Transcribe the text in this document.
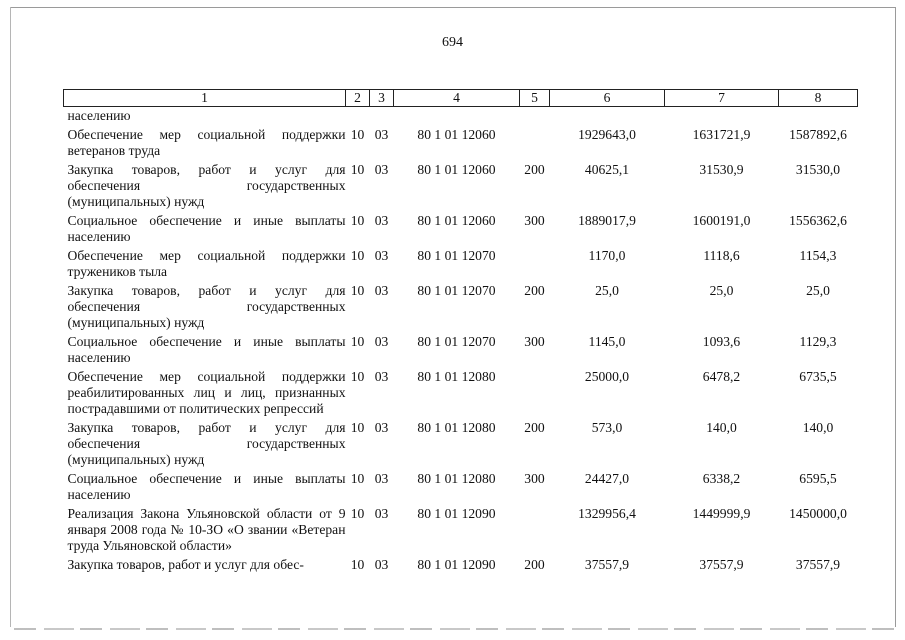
694
1	2	3	4	5	6	7	8
населению							
Обеспечение мер социальной поддержки ветеранов труда	10	03	80 1 01 12060		1929643,0	1631721,9	1587892,6
Закупка товаров, работ и услуг для обеспечения государственных (муниципальных) нужд	10	03	80 1 01 12060	200	40625,1	31530,9	31530,0
Социальное обеспечение и иные выплаты населению	10	03	80 1 01 12060	300	1889017,9	1600191,0	1556362,6
Обеспечение мер социальной поддержки тружеников тыла	10	03	80 1 01 12070		1170,0	1118,6	1154,3
Закупка товаров, работ и услуг для обеспечения государственных (муниципальных) нужд	10	03	80 1 01 12070	200	25,0	25,0	25,0
Социальное обеспечение и иные выплаты населению	10	03	80 1 01 12070	300	1145,0	1093,6	1129,3
Обеспечение мер социальной поддержки реабилитированных лиц и лиц, признанных пострадавшими от политических репрессий	10	03	80 1 01 12080		25000,0	6478,2	6735,5
Закупка товаров, работ и услуг для обеспечения государственных (муниципальных) нужд	10	03	80 1 01 12080	200	573,0	140,0	140,0
Социальное обеспечение и иные выплаты населению	10	03	80 1 01 12080	300	24427,0	6338,2	6595,5
Реализация Закона Ульяновской области от 9 января 2008 года № 10-ЗО «О звании «Ветеран труда Ульяновской области»	10	03	80 1 01 12090		1329956,4	1449999,9	1450000,0
Закупка товаров, работ и услуг для обес-	10	03	80 1 01 12090	200	37557,9	37557,9	37557,9
